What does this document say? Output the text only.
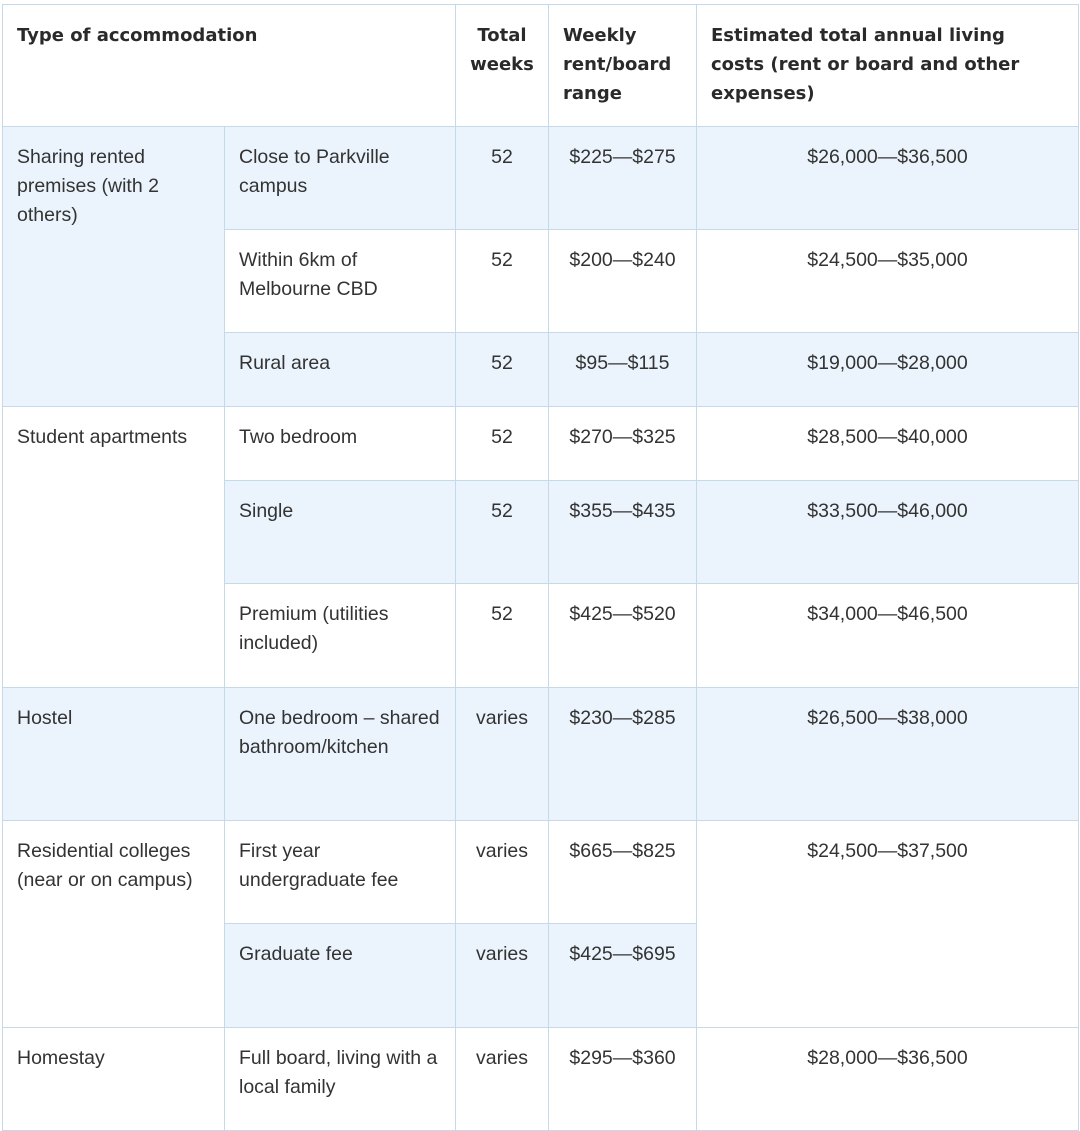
Type of accommodation		Total weeks	Weekly rent/board range	Estimated total annual living costs (rent or board and other expenses)
Sharing rented premises (with 2 others)	Close to Parkville campus	52	$225—$275	$26,000—$36,500
	Within 6km of Melbourne CBD	52	$200—$240	$24,500—$35,000
	Rural area	52	$95—$115	$19,000—$28,000
Student apartments	Two bedroom	52	$270—$325	$28,500—$40,000
	Single	52	$355—$435	$33,500—$46,000
	Premium (utilities included)	52	$425—$520	$34,000—$46,500
Hostel	One bedroom – shared bathroom/kitchen	varies	$230—$285	$26,500—$38,000
Residential colleges (near or on campus)	First year undergraduate fee	varies	$665—$825	$24,500—$37,500
	Graduate fee	varies	$425—$695	
Homestay	Full board, living with a local family	varies	$295—$360	$28,000—$36,500
